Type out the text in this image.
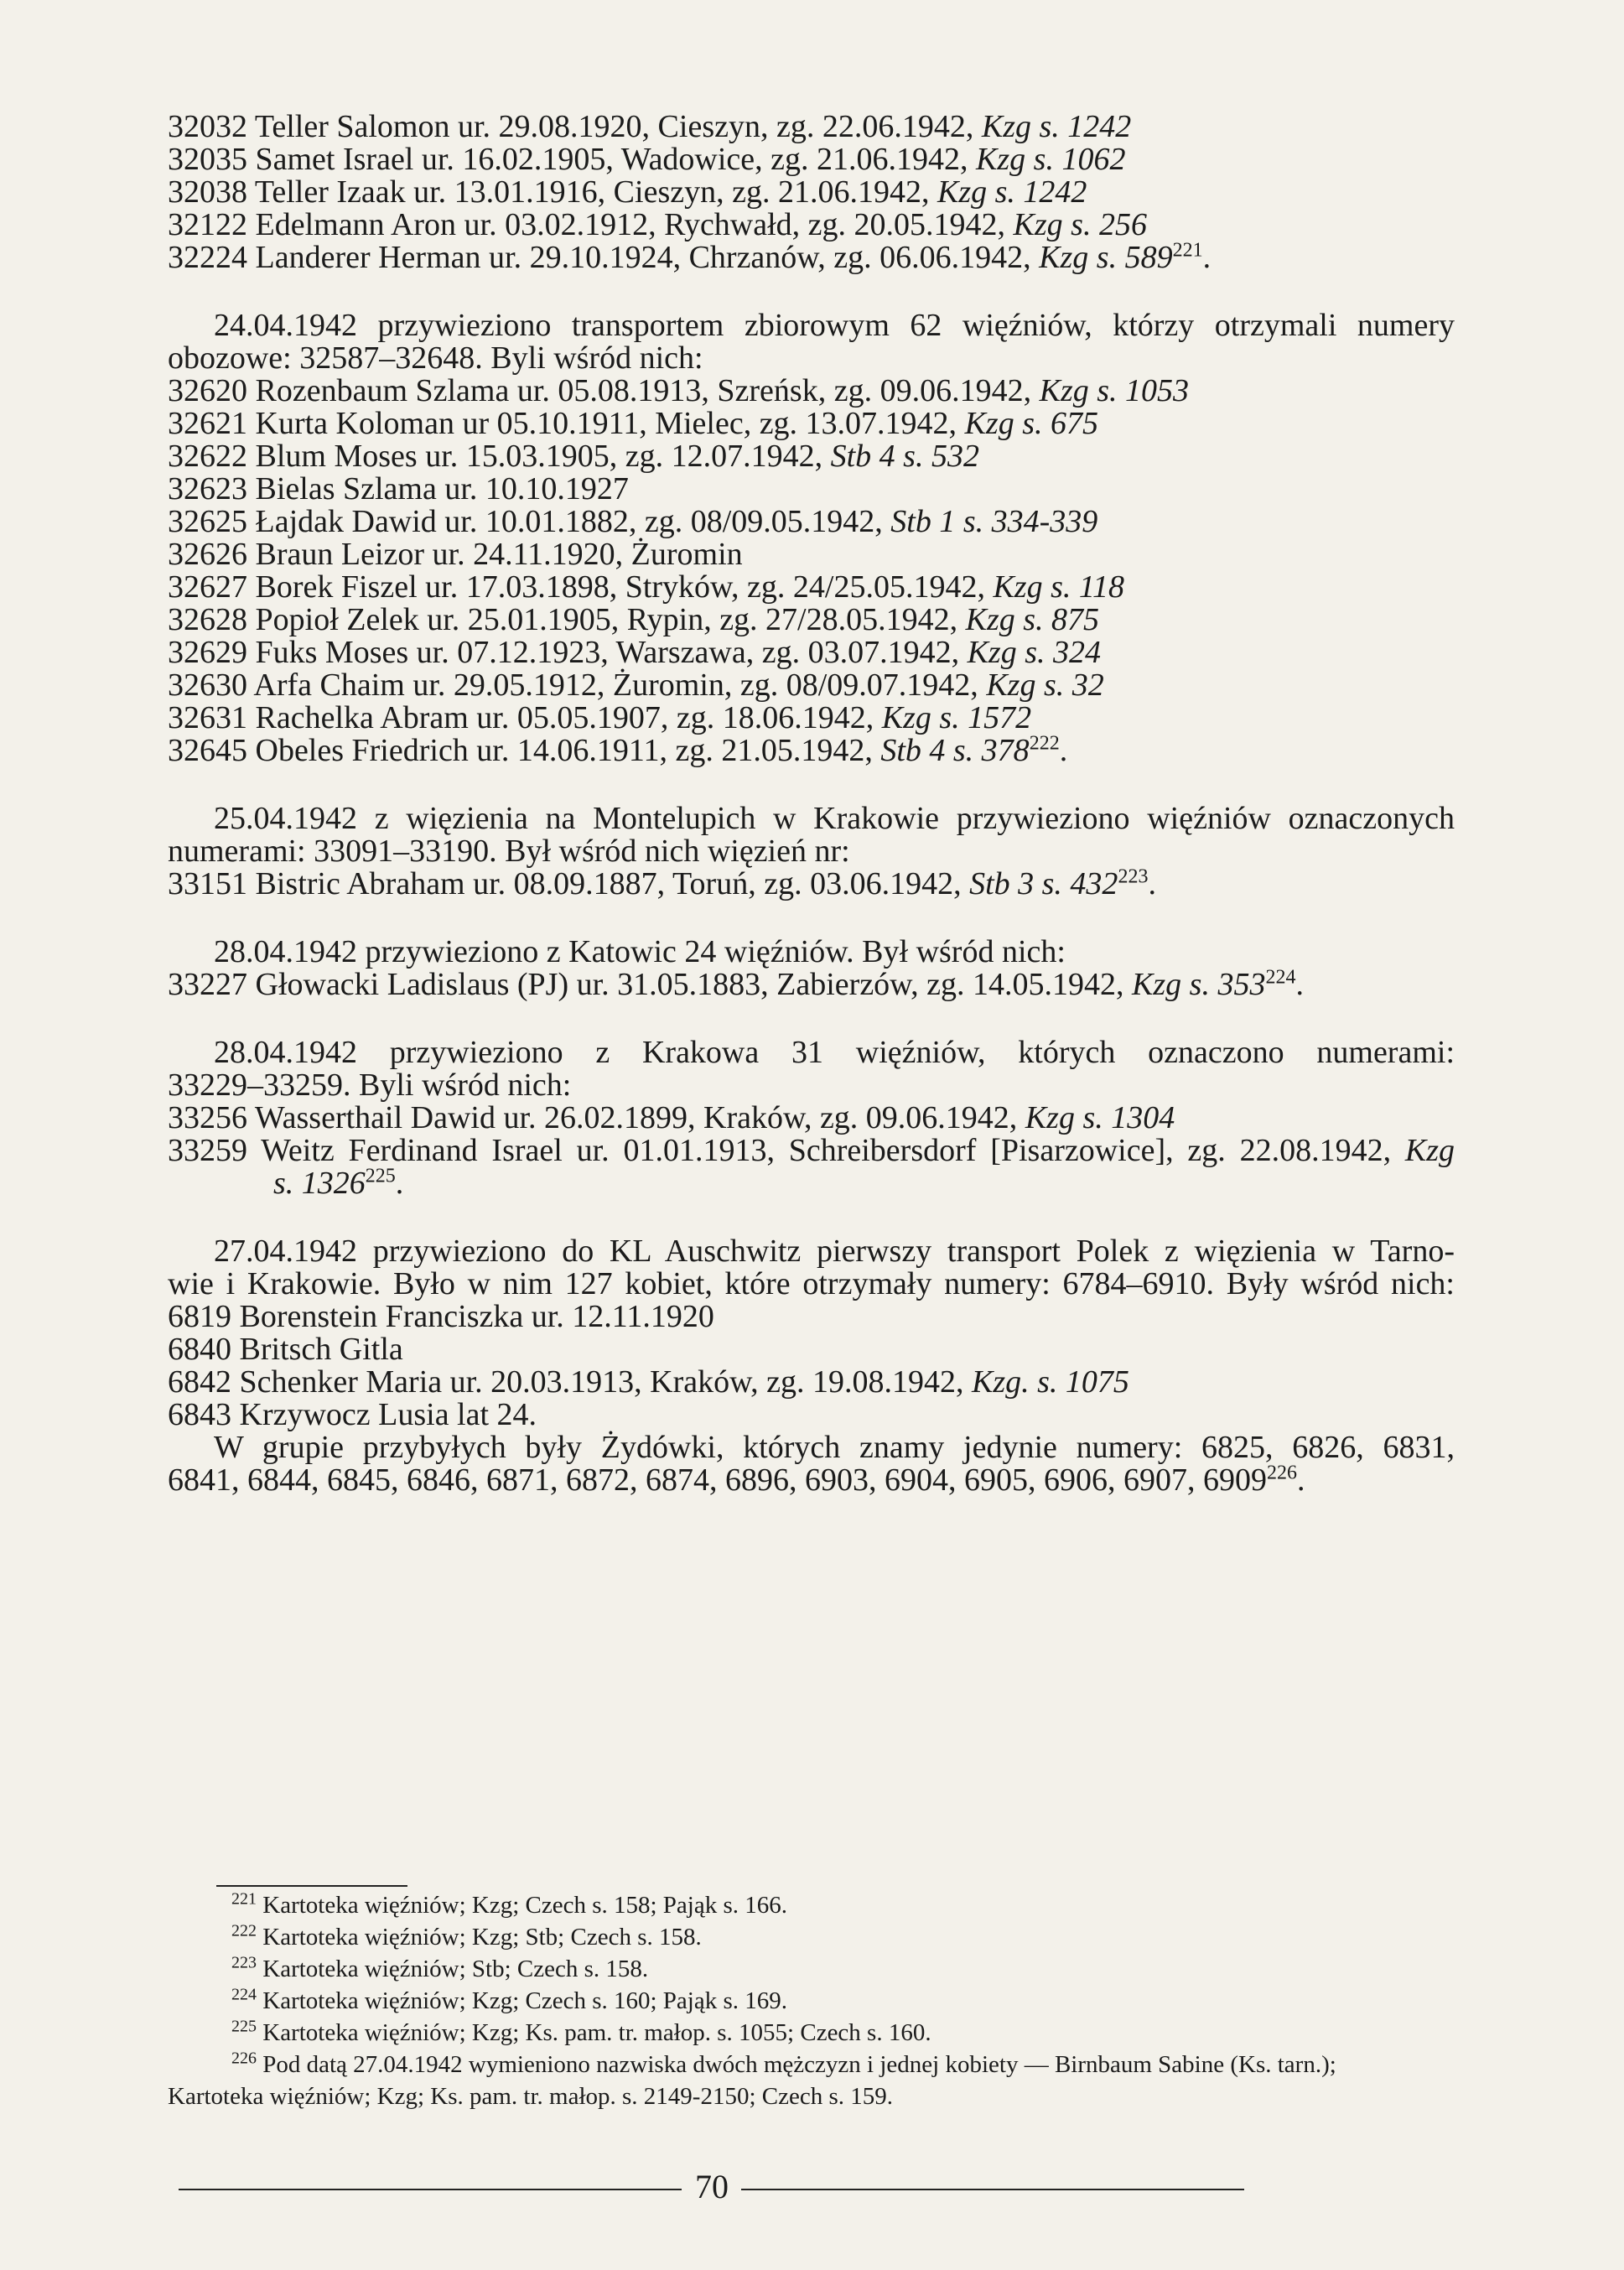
32032 Teller Salomon ur. 29.08.1920, Cieszyn, zg. 22.06.1942, Kzg s. 1242

32035 Samet Israel ur. 16.02.1905, Wadowice, zg. 21.06.1942, Kzg s. 1062

32038 Teller Izaak ur. 13.01.1916, Cieszyn, zg. 21.06.1942, Kzg s. 1242

32122 Edelmann Aron ur. 03.02.1912, Rychwałd, zg. 20.05.1942, Kzg s. 256

32224 Landerer Herman ur. 29.10.1924, Chrzanów, zg. 06.06.1942, Kzg s. $589^{221}$.

24.04.1942 przywieziono transportem zbiorowym 62 więźniów, którzy otrzymali numery

obozowe: 32587–32648. Byli wśród nich:

32620 Rozenbaum Szlama ur. 05.08.1913, Szreńsk, zg. 09.06.1942, Kzg s. 1053

32621 Kurta Koloman ur 05.10.1911, Mielec, zg. 13.07.1942, Kzg s. 675

32622 Blum Moses ur. 15.03.1905, zg. 12.07.1942, Stb 4 s. 532

32623 Bielas Szlama ur. 10.10.1927

32625 Łajdak Dawid ur. 10.01.1882, zg. 08/09.05.1942, Stb 1 s. 334-339

32626 Braun Leizor ur. 24.11.1920, Żuromin

32627 Borek Fiszel ur. 17.03.1898, Stryków, zg. 24/25.05.1942, Kzg s. 118

32628 Popioł Zelek ur. 25.01.1905, Rypin, zg. 27/28.05.1942, Kzg s. 875

32629 Fuks Moses ur. 07.12.1923, Warszawa, zg. 03.07.1942, Kzg s. 324

32630 Arfa Chaim ur. 29.05.1912, Żuromin, zg. 08/09.07.1942, Kzg s. 32

32631 Rachelka Abram ur. 05.05.1907, zg. 18.06.1942, Kzg s. 1572

32645 Obeles Friedrich ur. 14.06.1911, zg. 21.05.1942, Stb 4 s. $378^{222}$.

25.04.1942 z więzienia na Montelupich w Krakowie przywieziono więźniów oznaczonych

numerami: 33091–33190. Był wśród nich więzień nr:

33151 Bistric Abraham ur. 08.09.1887, Toruń, zg. 03.06.1942, Stb 3 s. $432^{223}$.

28.04.1942 przywieziono z Katowic 24 więźniów. Był wśród nich:

33227 Głowacki Ladislaus (PJ) ur. 31.05.1883, Zabierzów, zg. 14.05.1942, Kzg s. $353^{224}$.

28.04.1942 przywieziono z Krakowa 31 więźniów, których oznaczono numerami:

33229–33259. Byli wśród nich:

33256 Wasserthail Dawid ur. 26.02.1899, Kraków, zg. 09.06.1942, Kzg s. 1304

33259 Weitz Ferdinand Israel ur. 01.01.1913, Schreibersdorf [Pisarzowice], zg. 22.08.1942, Kzg

s. 1326$^{225}$.

27.04.1942 przywieziono do KL Auschwitz pierwszy transport Polek z więzienia w Tarno-

wie i Krakowie. Było w nim 127 kobiet, które otrzymały numery: 6784–6910. Były wśród nich:

6819 Borenstein Franciszka ur. 12.11.1920

6840 Britsch Gitla

6842 Schenker Maria ur. 20.03.1913, Kraków, zg. 19.08.1942, Kzg. s. 1075

6843 Krzywocz Lusia lat 24.

W grupie przybyłych były Żydówki, których znamy jedynie numery: 6825, 6826, 6831,

6841, 6844, 6845, 6846, 6871, 6872, 6874, 6896, 6903, 6904, 6905, 6906, 6907, 6909$^{226}$.

$^{221}$ Kartoteka więźniów; Kzg; Czech s. 158; Pająk s. 166.

$^{222}$ Kartoteka więźniów; Kzg; Stb; Czech s. 158.

$^{223}$ Kartoteka więźniów; Stb; Czech s. 158.

$^{224}$ Kartoteka więźniów; Kzg; Czech s. 160; Pająk s. 169.

$^{225}$ Kartoteka więźniów; Kzg; Ks. pam. tr. małop. s. 1055; Czech s. 160.

$^{226}$ Pod datą 27.04.1942 wymieniono nazwiska dwóch mężczyzn i jednej kobiety — Birnbaum Sabine (Ks. tarn.);

Kartoteka więźniów; Kzg; Ks. pam. tr. małop. s. 2149-2150; Czech s. 159.

70
